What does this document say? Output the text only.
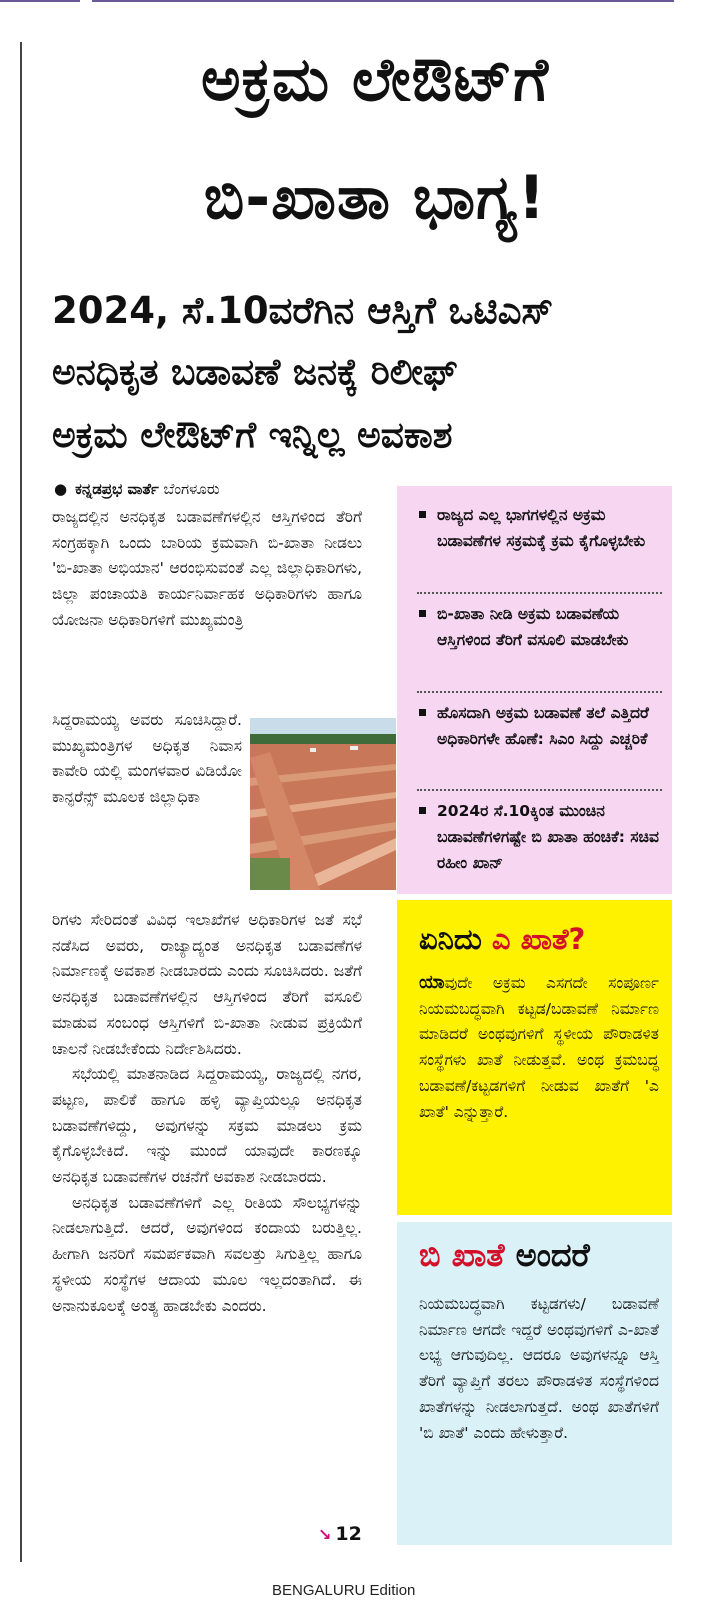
ಅಕ್ರಮ ಲೇಔಟ್‌ಗೆ
ಬಿ-ಖಾತಾ ಭಾಗ್ಯ!
2024, ಸೆ.10ವರೆಗಿನ ಆಸ್ತಿಗೆ ಒಟಿಎಸ್
ಅನಧಿಕೃತ ಬಡಾವಣೆ ಜನಕ್ಕೆ ರಿಲೀಫ್
ಅಕ್ರಮ ಲೇಔಟ್‌ಗೆ ಇನ್ನಿಲ್ಲ ಅವಕಾಶ
● ಕನ್ನಡಪ್ರಭ ವಾರ್ತೆ ಬೆಂಗಳೂರು

ರಾಜ್ಯದಲ್ಲಿನ ಅನಧಿಕೃತ ಬಡಾವಣೆಗಳಲ್ಲಿನ ಆಸ್ತಿಗಳಿಂದ ತೆರಿಗೆ ಸಂಗ್ರಹಕ್ಕಾಗಿ ಒಂದು ಬಾರಿಯ ಕ್ರಮವಾಗಿ ಬಿ-ಖಾತಾ ನೀಡಲು 'ಬಿ-ಖಾತಾ ಅಭಿಯಾನ' ಆರಂಭಿಸುವಂತೆ ಎಲ್ಲ ಜಿಲ್ಲಾಧಿಕಾರಿಗಳು, ಜಿಲ್ಲಾ ಪಂಚಾಯತಿ ಕಾರ್ಯನಿರ್ವಾಹಕ ಅಧಿಕಾರಿಗಳು ಹಾಗೂ ಯೋಜನಾ ಅಧಿಕಾರಿಗಳಿಗೆ ಮುಖ್ಯಮಂತ್ರಿ

ಸಿದ್ದರಾಮಯ್ಯ ಅವರು ಸೂಚಿಸಿದ್ದಾರೆ. ಮುಖ್ಯಮಂತ್ರಿಗಳ ಅಧಿಕೃತ ನಿವಾಸ ಕಾವೇರಿ ಯಲ್ಲಿ ಮಂಗಳವಾರ ವಿಡಿಯೋ ಕಾನ್ಫರೆನ್ಸ್ ಮೂಲಕ ಜಿಲ್ಲಾಧಿಕಾ

ರಿಗಳು ಸೇರಿದಂತೆ ವಿವಿಧ ಇಲಾಖೆಗಳ ಅಧಿಕಾರಿಗಳ ಜತೆ ಸಭೆ ನಡೆಸಿದ ಅವರು, ರಾಜ್ಯಾದ್ಯಂತ ಅನಧಿಕೃತ ಬಡಾವಣೆಗಳ ನಿರ್ಮಾಣಕ್ಕೆ ಅವಕಾಶ ನೀಡಬಾರದು ಎಂದು ಸೂಚಿಸಿದರು. ಜತೆಗೆ ಅನಧಿಕೃತ ಬಡಾವಣೆಗಳಲ್ಲಿನ ಆಸ್ತಿಗಳಿಂದ ತೆರಿಗೆ ವಸೂಲಿ ಮಾಡುವ ಸಂಬಂಧ ಆಸ್ತಿಗಳಿಗೆ ಬಿ-ಖಾತಾ ನೀಡುವ ಪ್ರಕ್ರಿಯೆಗೆ ಚಾಲನೆ ನೀಡಬೇಕೆಂದು ನಿರ್ದೇಶಿಸಿದರು.

ಸಭೆಯಲ್ಲಿ ಮಾತನಾಡಿದ ಸಿದ್ದರಾಮಯ್ಯ, ರಾಜ್ಯದಲ್ಲಿ ನಗರ, ಪಟ್ಟಣ, ಪಾಲಿಕೆ ಹಾಗೂ ಹಳ್ಳಿ ವ್ಯಾಪ್ತಿಯಲ್ಲೂ ಅನಧಿಕೃತ ಬಡಾವಣೆಗಳಿದ್ದು, ಅವುಗಳನ್ನು ಸಕ್ರಮ ಮಾಡಲು ಕ್ರಮ ಕೈಗೊಳ್ಳಬೇಕಿದೆ. ಇನ್ನು ಮುಂದೆ ಯಾವುದೇ ಕಾರಣಕ್ಕೂ ಅನಧಿಕೃತ ಬಡಾವಣೆಗಳ ರಚನೆಗೆ ಅವಕಾಶ ನೀಡಬಾರದು.

ಅನಧಿಕೃತ ಬಡಾವಣೆಗಳಿಗೆ ಎಲ್ಲ ರೀತಿಯ ಸೌಲಭ್ಯಗಳನ್ನು ನೀಡಲಾಗುತ್ತಿದೆ. ಆದರೆ, ಅವುಗಳಿಂದ ಕಂದಾಯ ಬರುತ್ತಿಲ್ಲ. ಹೀಗಾಗಿ ಜನರಿಗೆ ಸಮರ್ಪಕವಾಗಿ ಸವಲತ್ತು ಸಿಗುತ್ತಿಲ್ಲ ಹಾಗೂ ಸ್ಥಳೀಯ ಸಂಸ್ಥೆಗಳ ಆದಾಯ ಮೂಲ ಇಲ್ಲದಂತಾಗಿದೆ. ಈ ಅನಾನುಕೂಲಕ್ಕೆ ಅಂತ್ಯ ಹಾಡಬೇಕು ಎಂದರು.

↘ 12
ರಾಜ್ಯದ ಎಲ್ಲ ಭಾಗಗಳಲ್ಲಿನ ಅಕ್ರಮ ಬಡಾವಣೆಗಳ ಸಕ್ರಮಕ್ಕೆ ಕ್ರಮ ಕೈಗೊಳ್ಳಬೇಕು
ಬಿ-ಖಾತಾ ನೀಡಿ ಅಕ್ರಮ ಬಡಾವಣೆಯ ಆಸ್ತಿಗಳಿಂದ ತೆರಿಗೆ ವಸೂಲಿ ಮಾಡಬೇಕು
ಹೊಸದಾಗಿ ಅಕ್ರಮ ಬಡಾವಣೆ ತಲೆ ಎತ್ತಿದರೆ ಅಧಿಕಾರಿಗಳೇ ಹೊಣೆ: ಸಿಎಂ ಸಿದ್ದು ಎಚ್ಚರಿಕೆ
2024ರ ಸೆ.10ಕ್ಕಿಂತ ಮುಂಚಿನ ಬಡಾವಣೆಗಳಿಗಷ್ಟೇ ಬಿ ಖಾತಾ ಹಂಚಿಕೆ: ಸಚಿವ ರಹೀಂ ಖಾನ್
ಏನಿದು ಎ ಖಾತೆ?
ಯಾವುದೇ ಅಕ್ರಮ ಎಸಗದೇ ಸಂಪೂರ್ಣ ನಿಯಮಬದ್ಧವಾಗಿ ಕಟ್ಟಡ/ಬಡಾವಣೆ ನಿರ್ಮಾಣ ಮಾಡಿದರೆ ಅಂಥವುಗಳಿಗೆ ಸ್ಥಳೀಯ ಪೌರಾಡಳಿತ ಸಂಸ್ಥೆಗಳು ಖಾತೆ ನೀಡುತ್ತವೆ. ಅಂಥ ಕ್ರಮಬದ್ಧ ಬಡಾವಣೆ/ಕಟ್ಟಡಗಳಿಗೆ ನೀಡುವ ಖಾತೆಗೆ 'ಎ ಖಾತೆ' ಎನ್ನುತ್ತಾರೆ.
ಬಿ ಖಾತೆ ಅಂದರೆ
ನಿಯಮಬದ್ಧವಾಗಿ ಕಟ್ಟಡಗಳು/ ಬಡಾವಣೆ ನಿರ್ಮಾಣ ಆಗದೇ ಇದ್ದರೆ ಅಂಥವುಗಳಿಗೆ ಎ-ಖಾತೆ ಲಭ್ಯ ಆಗುವುದಿಲ್ಲ. ಆದರೂ ಅವುಗಳನ್ನೂ ಆಸ್ತಿ ತೆರಿಗೆ ವ್ಯಾಪ್ತಿಗೆ ತರಲು ಪೌರಾಡಳಿತ ಸಂಸ್ಥೆಗಳಿಂದ ಖಾತೆಗಳನ್ನು ನೀಡಲಾಗುತ್ತದೆ. ಅಂಥ ಖಾತೆಗಳಿಗೆ 'ಬಿ ಖಾತೆ' ಎಂದು ಹೇಳುತ್ತಾರೆ.
BENGALURU Edition
